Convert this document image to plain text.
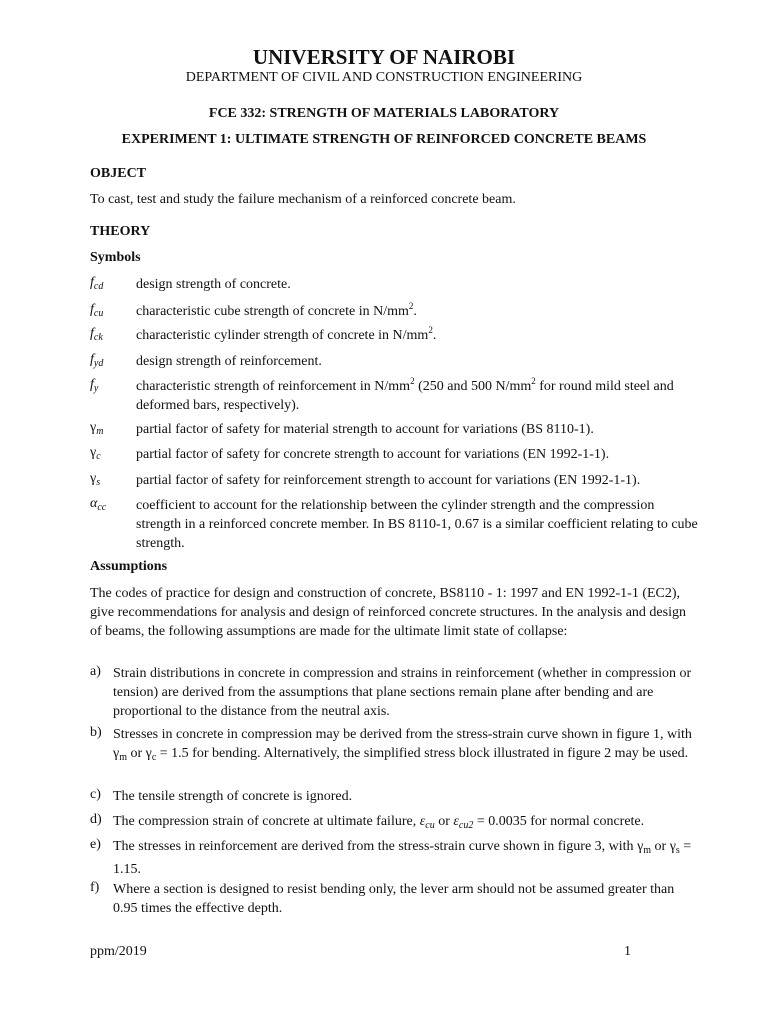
UNIVERSITY OF NAIROBI
DEPARTMENT OF CIVIL AND CONSTRUCTION ENGINEERING
FCE 332: STRENGTH OF MATERIALS LABORATORY
EXPERIMENT 1: ULTIMATE STRENGTH OF REINFORCED CONCRETE BEAMS
OBJECT
To cast, test and study the failure mechanism of a reinforced concrete beam.
THEORY
Symbols
$f_{cd}$ design strength of concrete.
$f_{cu}$ characteristic cube strength of concrete in $N/mm^2$.
$f_{ck}$ characteristic cylinder strength of concrete in $N/mm^2$.
$f_{yd}$ design strength of reinforcement.
$f_y$	characteristic strength of reinforcement in $N/mm^2$ (250 and 500 $N/mm^2$ for round mild steel and deformed bars, respectively).
$\gamma_m$ partial factor of safety for material strength to account for variations (BS 8110-1).
$\gamma_c$	partial factor of safety for concrete strength to account for variations (EN 1992-1-1).
$\gamma_s$	partial factor of safety for reinforcement strength to account for variations (EN 1992-1-1).
$\alpha_{cc}$ coefficient to account for the relationship between the cylinder strength and the compression strength in a reinforced concrete member. In BS 8110-1, 0.67 is a similar coefficient relating to cube strength.
Assumptions
The codes of practice for design and construction of concrete, BS8110 - 1: 1997 and EN 1992-1-1 (EC2), give recommendations for analysis and design of reinforced concrete structures. In the analysis and design of beams, the following assumptions are made for the ultimate limit state of collapse:
a) Strain distributions in concrete in compression and strains in reinforcement (whether in compression or tension) are derived from the assumptions that plane sections remain plane after bending and are proportional to the distance from the neutral axis.
b) Stresses in concrete in compression may be derived from the stress-strain curve shown in figure 1, with $\gamma_m$ or $\gamma_c = 1.5$ for bending. Alternatively, the simplified stress block illustrated in figure 2 may be used.
c) The tensile strength of concrete is ignored.
d) The compression strain of concrete at ultimate failure, $\varepsilon_{cu}$ or $\varepsilon_{cu2} = 0.0035$ for normal concrete.
e) The stresses in reinforcement are derived from the stress-strain curve shown in figure 3, with $\gamma_m$ or $\gamma_s = 1.15$.
f) Where a section is designed to resist bending only, the lever arm should not be assumed greater than 0.95 times the effective depth.
ppm/2019	1
